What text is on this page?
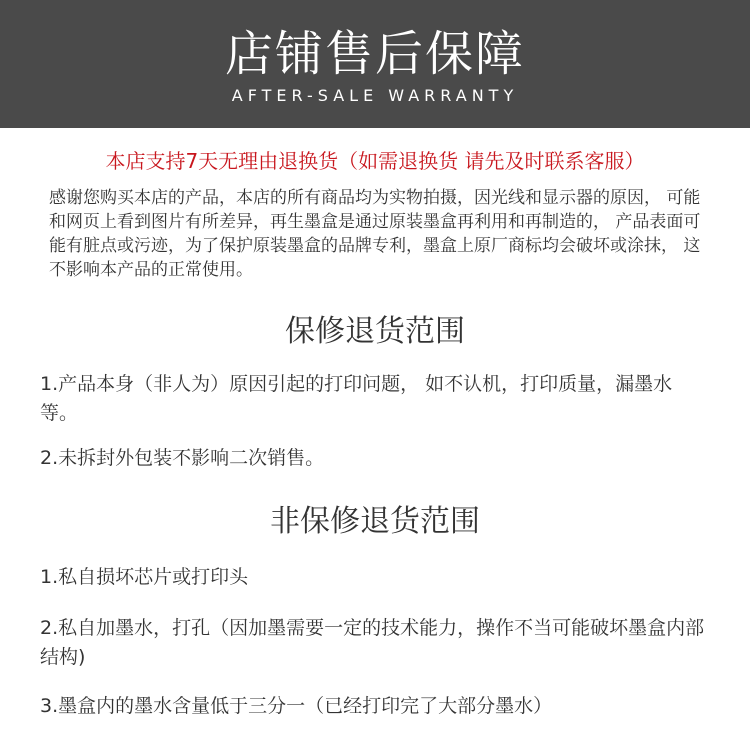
店铺售后保障
AFTER-SALE WARRANTY
本店支持7天无理由退换货（如需退换货 请先及时联系客服）
感谢您购买本店的产品，本店的所有商品均为实物拍摄，因光线和显示器的原因， 可能和网页上看到图片有所差异，再生墨盒是通过原装墨盒再利用和再制造的， 产品表面可能有脏点或污迹，为了保护原装墨盒的品牌专利，墨盒上原厂商标均会破坏或涂抹， 这不影响本产品的正常使用。
保修退货范围
1.产品本身（非人为）原因引起的打印问题， 如不认机，打印质量，漏墨水等。
2.未拆封外包装不影响二次销售。
非保修退货范围
1.私自损坏芯片或打印头
2.私自加墨水，打孔（因加墨需要一定的技术能力，操作不当可能破坏墨盒内部结构)
3.墨盒内的墨水含量低于三分一（已经打印完了大部分墨水）
